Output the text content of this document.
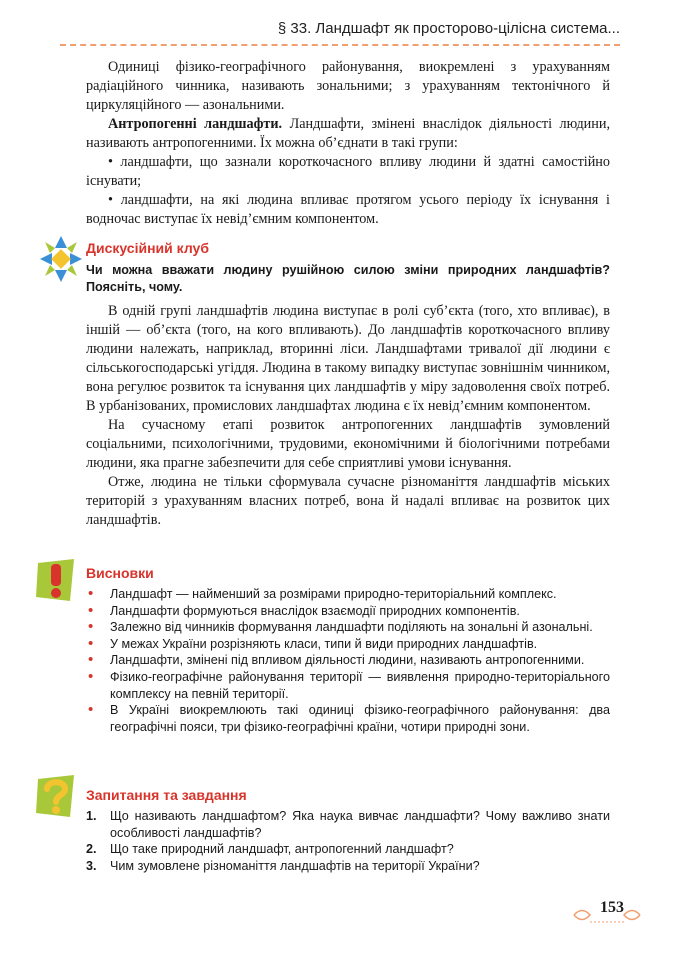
§ 33. Ландшафт як просторово-цілісна система...

Одиниці фізико-географічного районування, виокремлені з урахуванням радіаційного чинника, називають зональними; з урахуванням тектонічного й циркуляційного — азональними.

Антропогенні ландшафти. Ландшафти, змінені внаслідок діяльності людини, називають антропогенними. Їх можна об’єднати в такі групи:

• ландшафти, що зазнали короткочасного впливу людини й здатні самостійно існувати;

• ландшафти, на які людина впливає протягом усього періоду їх існування і водночас виступає їх невід’ємним компонентом.

Дискусійний клуб
Чи можна вважати людину рушійною силою зміни природних ландшафтів? Поясніть, чому.

В одній групі ландшафтів людина виступає в ролі суб’єкта (того, хто впливає), в іншій — об’єкта (того, на кого впливають). До ландшафтів короткочасного впливу людини належать, наприклад, вторинні ліси. Ландшафтами тривалої дії людини є сільськогосподарські угіддя. Людина в такому випадку виступає зовнішнім чинником, вона регулює розвиток та існування цих ландшафтів у міру задоволення своїх потреб. В урбанізованих, промислових ландшафтах людина є їх невід’ємним компонентом.

На сучасному етапі розвиток антропогенних ландшафтів зумовлений соціальними, психологічними, трудовими, економічними й біологічними потребами людини, яка прагне забезпечити для себе сприятливі умови існування.

Отже, людина не тільки сформувала сучасне різноманіття ландшафтів міських територій з урахуванням власних потреб, вона й надалі впливає на розвиток цих ландшафтів.

Висновки
• Ландшафт — найменший за розмірами природно-територіальний комплекс.
• Ландшафти формуються внаслідок взаємодії природних компонентів.
• Залежно від чинників формування ландшафти поділяють на зональні й азональні.
• У межах України розрізняють класи, типи й види природних ландшафтів.
• Ландшафти, змінені під впливом діяльності людини, називають антропогенними.
• Фізико-географічне районування території — виявлення природно-територіального комплексу на певній території.
• В Україні виокремлюють такі одиниці фізико-географічного районування: два географічні пояси, три фізико-географічні країни, чотири природні зони.
Запитання та завдання
1.	Що називають ландшафтом? Яка наука вивчає ландшафти? Чому важливо знати особливості ландшафтів?
2.	Що таке природний ландшафт, антропогенний ландшафт?
3.	Чим зумовлене різноманіття ландшафтів на території України?
153
